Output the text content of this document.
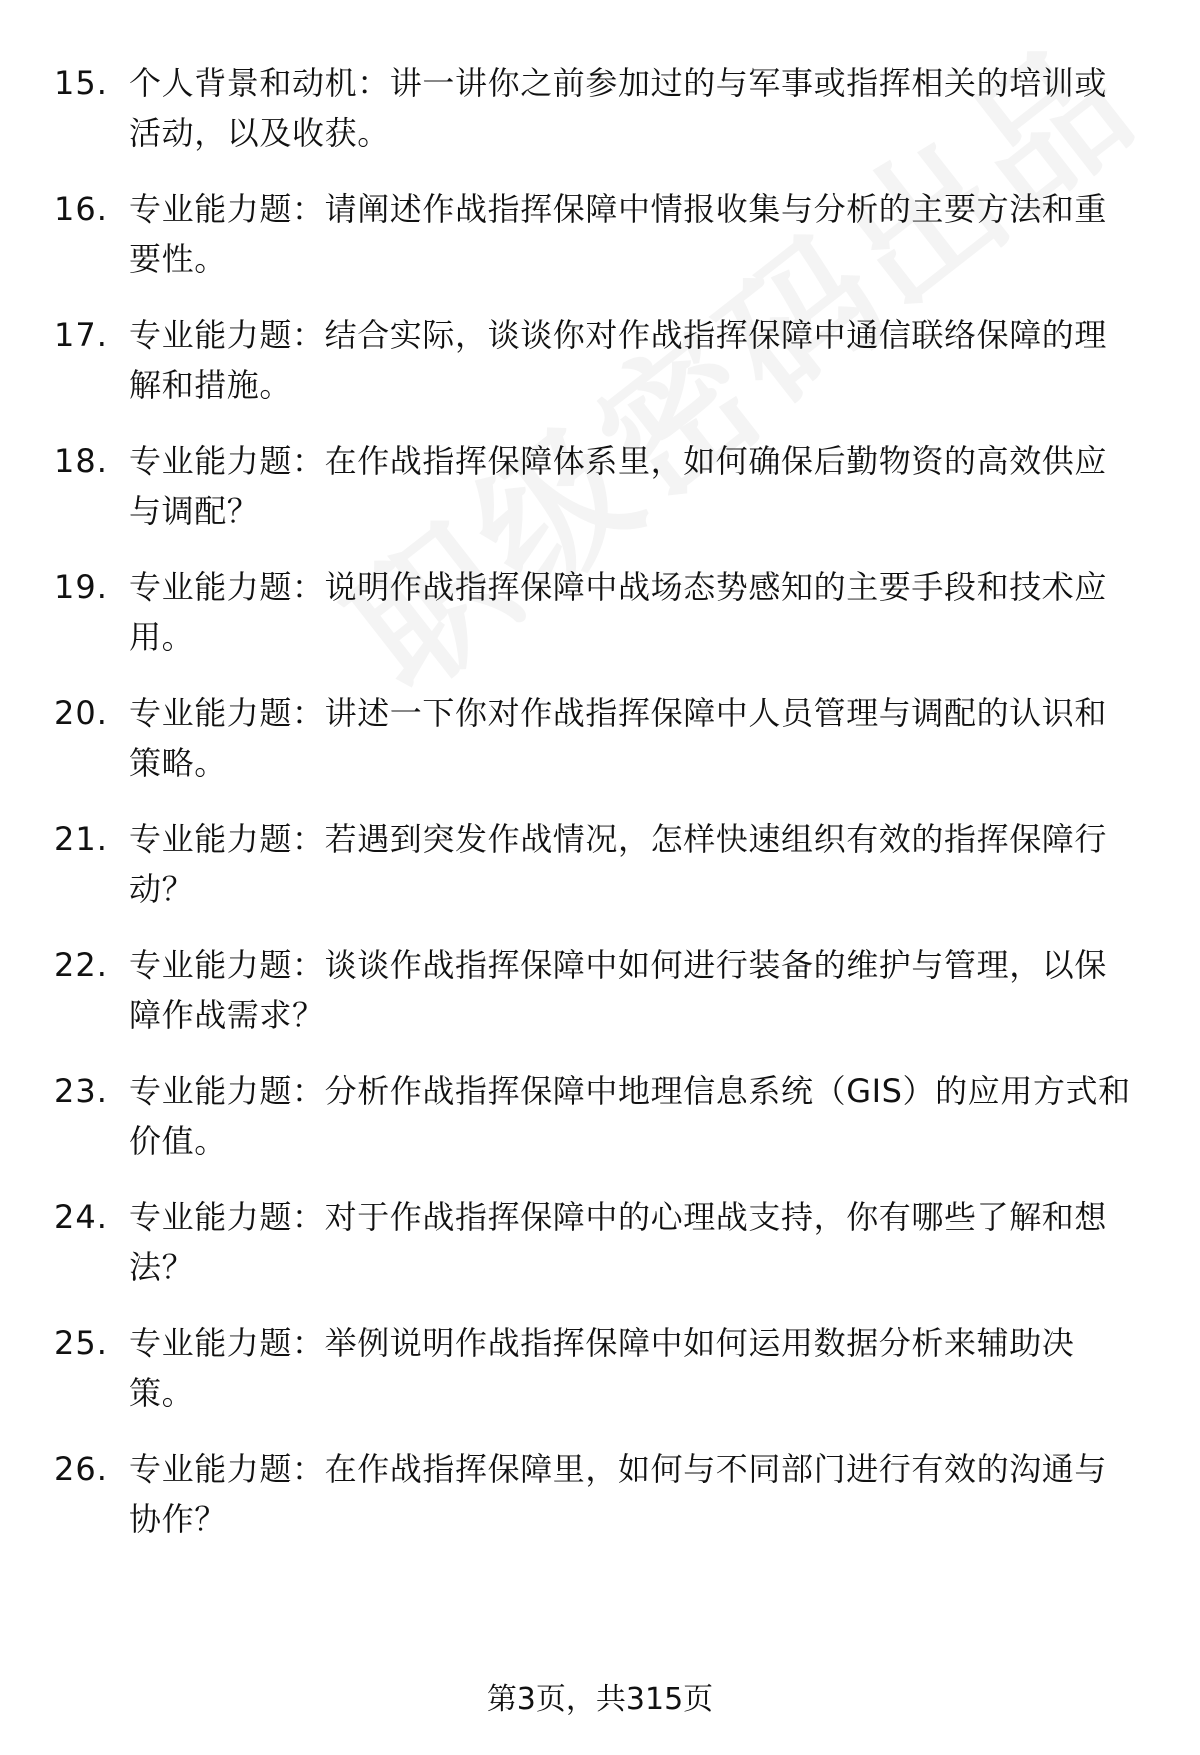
15. 个人背景和动机：讲一讲你之前参加过的与军事或指挥相关的培训或活动，以及收获。
16. 专业能力题：请阐述作战指挥保障中情报收集与分析的主要方法和重要性。
17. 专业能力题：结合实际，谈谈你对作战指挥保障中通信联络保障的理解和措施。
18. 专业能力题：在作战指挥保障体系里，如何确保后勤物资的高效供应与调配？
19. 专业能力题：说明作战指挥保障中战场态势感知的主要手段和技术应用。
20. 专业能力题：讲述一下你对作战指挥保障中人员管理与调配的认识和策略。
21. 专业能力题：若遇到突发作战情况，怎样快速组织有效的指挥保障行动？
22. 专业能力题：谈谈作战指挥保障中如何进行装备的维护与管理，以保障作战需求？
23. 专业能力题：分析作战指挥保障中地理信息系统（GIS）的应用方式和价值。
24. 专业能力题：对于作战指挥保障中的心理战支持，你有哪些了解和想法？
25. 专业能力题：举例说明作战指挥保障中如何运用数据分析来辅助决策。
26. 专业能力题：在作战指挥保障里，如何与不同部门进行有效的沟通与协作？
第3页，共315页
